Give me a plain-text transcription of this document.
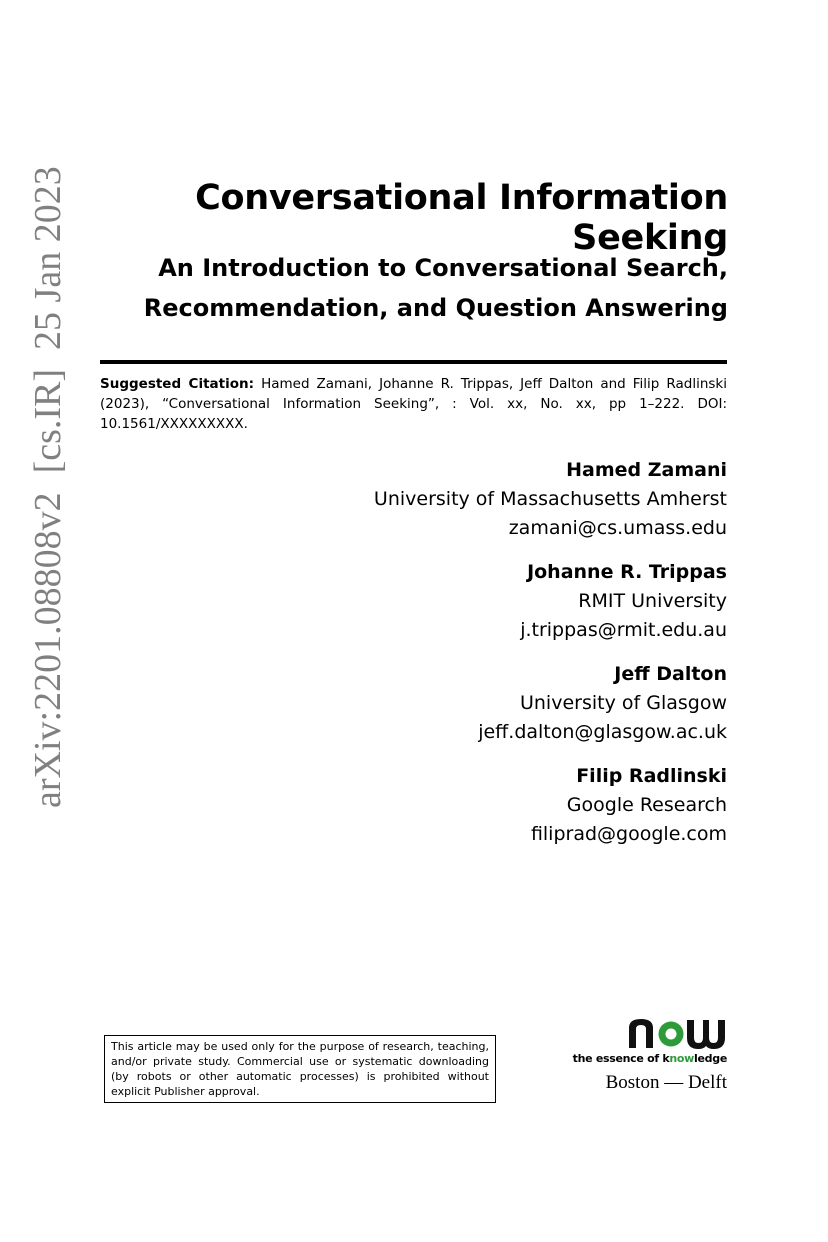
arXiv:2201.08808v2  [cs.IR]  25 Jan 2023	Conversational Information Seeking
An Introduction to Conversational Search,
Recommendation, and Question Answering
Suggested Citation: Hamed Zamani, Johanne R. Trippas, Jeff Dalton and Filip Radlinski (2023), “Conversational Information Seeking”, : Vol. xx, No. xx, pp 1–222. DOI: 10.1561/XXXXXXXXX.
Hamed Zamani
University of Massachusetts Amherst
zamani@cs.umass.edu
Johanne R. Trippas
RMIT University
j.trippas@rmit.edu.au
Jeff Dalton
University of Glasgow
jeff.dalton@glasgow.ac.uk
Filip Radlinski
Google Research
filiprad@google.com
This article may be used only for the purpose of research, teaching, and/or private study. Commercial use or systematic downloading (by robots or other automatic processes) is prohibited without explicit Publisher approval.
the essence of knowledge
Boston — Delft
